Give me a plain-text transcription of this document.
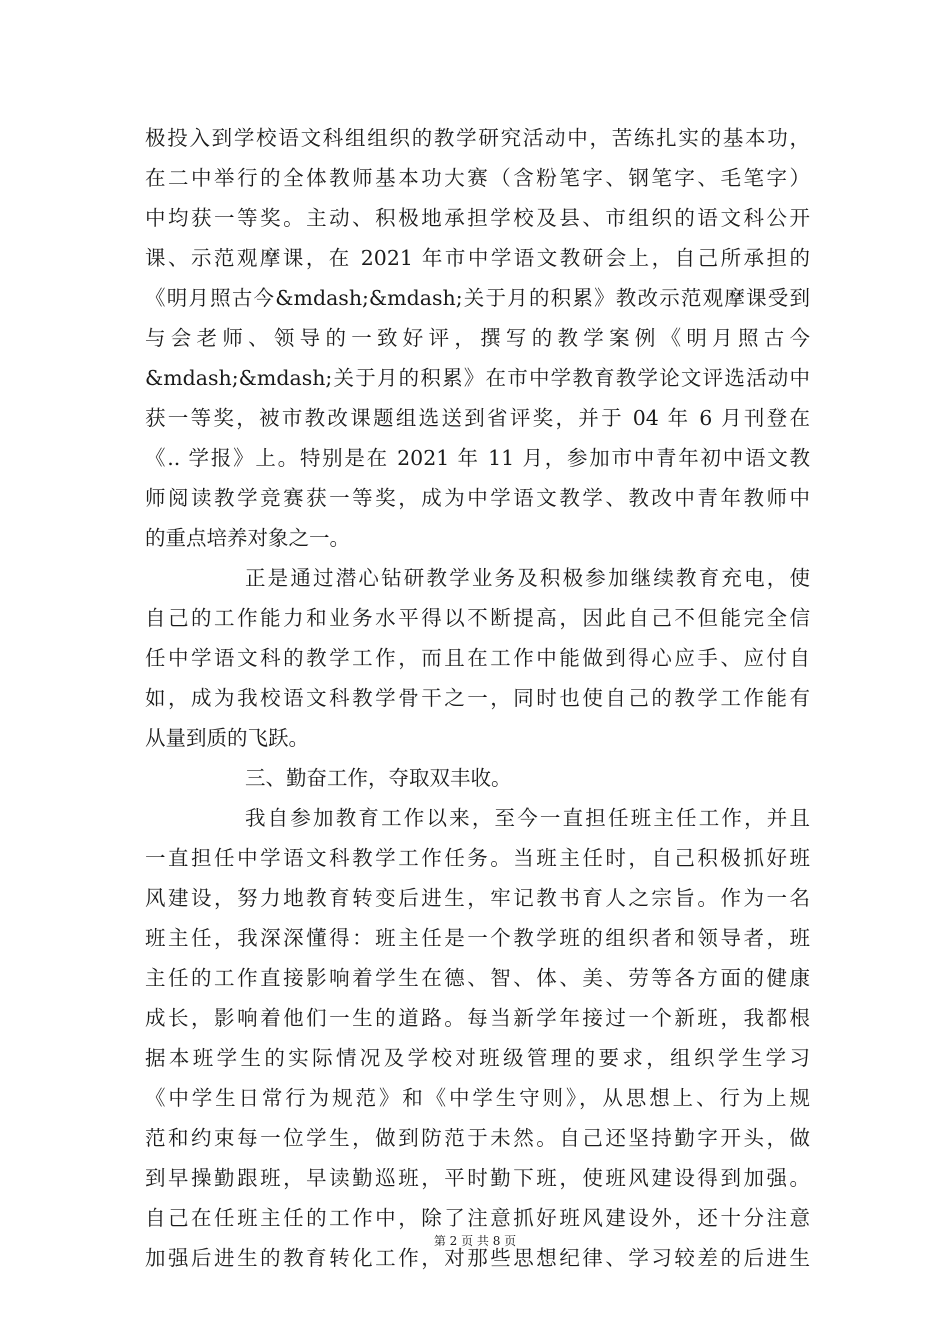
极投入到学校语文科组组织的教学研究活动中，苦练扎实的基本功，
在二中举行的全体教师基本功大赛（含粉笔字、钢笔字、毛笔字）
中均获一等奖。主动、积极地承担学校及县、市组织的语文科公开
课、示范观摩课，在 2021 年市中学语文教研会上，自己所承担的
《明月照古今&mdash;&mdash;关于月的积累》教改示范观摩课受到
与会老师、领导的一致好评，撰写的教学案例《明月照古今
&mdash;&mdash;关于月的积累》在市中学教育教学论文评选活动中
获一等奖，被市教改课题组选送到省评奖，并于 04 年 6 月刊登在
《.. 学报》上。特别是在 2021 年 11 月，参加市中青年初中语文教
师阅读教学竞赛获一等奖，成为中学语文教学、教改中青年教师中
的重点培养对象之一。
正是通过潜心钻研教学业务及积极参加继续教育充电，使
自己的工作能力和业务水平得以不断提高，因此自己不但能完全信
任中学语文科的教学工作，而且在工作中能做到得心应手、应付自
如，成为我校语文科教学骨干之一，同时也使自己的教学工作能有
从量到质的飞跃。
三、勤奋工作，夺取双丰收。
我自参加教育工作以来，至今一直担任班主任工作，并且
一直担任中学语文科教学工作任务。当班主任时，自己积极抓好班
风建设，努力地教育转变后进生，牢记教书育人之宗旨。作为一名
班主任，我深深懂得：班主任是一个教学班的组织者和领导者，班
主任的工作直接影响着学生在德、智、体、美、劳等各方面的健康
成长，影响着他们一生的道路。每当新学年接过一个新班，我都根
据本班学生的实际情况及学校对班级管理的要求，组织学生学习
《中学生日常行为规范》和《中学生守则》，从思想上、行为上规
范和约束每一位学生，做到防范于未然。自己还坚持勤字开头，做
到早操勤跟班，早读勤巡班，平时勤下班，使班风建设得到加强。
自己在任班主任的工作中，除了注意抓好班风建设外，还十分注意
加强后进生的教育转化工作，对那些思想纪律、学习较差的后进生
第 2 页 共 8 页
